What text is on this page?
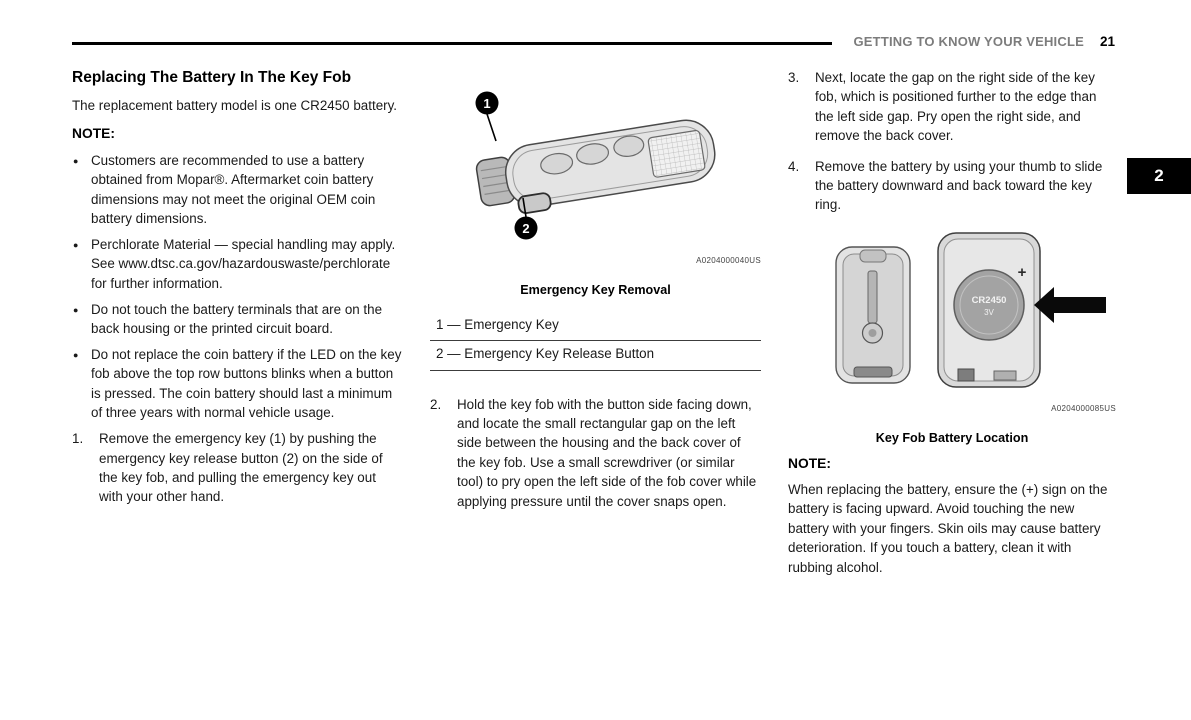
GETTING TO KNOW YOUR VEHICLE 21
2
Replacing The Battery In The Key Fob

The replacement battery model is one CR2450 battery.

NOTE:
● Customers are recommended to use a battery obtained from Mopar®. Aftermarket coin battery dimensions may not meet the original OEM coin battery dimensions.
● Perchlorate Material — special handling may apply. See www.dtsc.ca.gov/hazardouswaste/perchlorate for further information.
● Do not touch the battery terminals that are on the back housing or the printed circuit board.
● Do not replace the coin battery if the LED on the key fob above the top row buttons blinks when a button is pressed. The coin battery should last a minimum of three years with normal vehicle usage.
1.	Remove the emergency key (1) by pushing the emergency key release button (2) on the side of the key fob, and pulling the emergency key out with your other hand.
1
2
A0204000040US
Emergency Key Removal
1 — Emergency Key
2 — Emergency Key Release Button
2.	Hold the key fob with the button side facing down, and locate the small rectangular gap on the left side between the housing and the back cover of the key fob. Use a small screwdriver (or similar tool) to pry open the left side of the fob cover while applying pressure until the cover snaps open.
3.	Next, locate the gap on the right side of the key fob, which is positioned further to the edge than the left side gap. Pry open the right side, and remove the back cover.
4.	Remove the battery by using your thumb to slide the battery downward and back toward the key ring.
CR2450
3V
+
A0204000085US
Key Fob Battery Location
NOTE:

When replacing the battery, ensure the (+) sign on the battery is facing upward. Avoid touching the new battery with your fingers. Skin oils may cause battery deterioration. If you touch a battery, clean it with rubbing alcohol.
